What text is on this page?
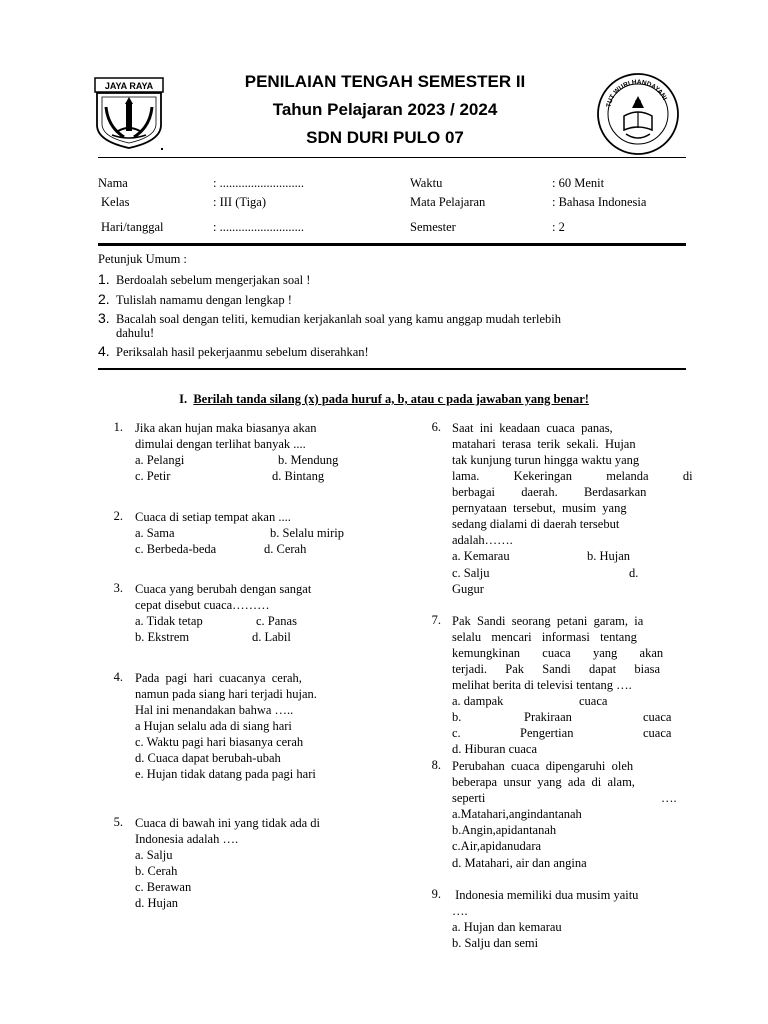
JAYA RAYA	PENILAIAN TENGAH SEMESTER II
Tahun Pelajaran 2023 / 2024
SDN DURI PULO 07
TUT WURI HANDAYANI
Nama	: ...........................
Kelas	: III (Tiga)
Hari/tanggal	: ...........................
Waktu	: 60 Menit
Mata Pelajaran	: Bahasa Indonesia
Semester	: 2
Petunjuk Umum :
1. Berdoalah sebelum mengerjakan soal !
2. Tulislah namamu dengan lengkap !
3. Bacalah soal dengan teliti, kemudian kerjakanlah soal yang kamu anggap mudah terlebih
dahulu!
4. Periksalah hasil pekerjaanmu sebelum diserahkan!
I. Berilah tanda silang (x) pada huruf a, b, atau c pada jawaban yang benar!
1. Jika akan hujan maka biasanya akan
dimulai dengan terlihat banyak ....
a. Pelangi	b. Mendung
c. Petir	d. Bintang
2. Cuaca di setiap tempat akan ....
a. Sama	b. Selalu mirip
c. Berbeda-beda	d. Cerah
3. Cuaca yang berubah dengan sangat
cepat disebut cuaca………
a. Tidak tetap	c. Panas
b. Ekstrem	d. Labil
4. Pada  pagi  hari  cuacanya  cerah,
namun pada siang hari terjadi hujan.
Hal ini menandakan bahwa …..
a Hujan selalu ada di siang hari
c. Waktu pagi hari biasanya cerah
d. Cuaca dapat berubah-ubah
e. Hujan tidak datang pada pagi hari
5. Cuaca di bawah ini yang tidak ada di
Indonesia adalah ….
a. Salju
b. Cerah
c. Berawan
d. Hujan
6. Saat  ini  keadaan  cuaca  panas,
matahari  terasa  terik  sekali.  Hujan
tak kunjung turun hingga waktu yang
lama.  Kekeringan  melanda  di
berbagai  daerah.  Berdasarkan
pernyataan  tersebut,  musim  yang
sedang dialami di daerah tersebut
adalah…….
a. Kemarau	b. Hujan
c. Salju	d.
Gugur
7. Pak  Sandi  seorang  petani  garam,  ia
selalu  mencari  informasi  tentang
kemungkinan  cuaca  yang  akan
terjadi.  Pak  Sandi  dapat  biasa
melihat berita di televisi tentang ….
a. dampak	cuaca
b.	Prakiraan	cuaca
c.	Pengertian	cuaca
d. Hiburan cuaca
8. Perubahan  cuaca  dipengaruhi  oleh
beberapa  unsur  yang  ada  di  alam,
seperti	….
a.Matahari,angindantanah
b.Angin,apidantanah
c.Air,apidanudara
d. Matahari, air dan angina
9. Indonesia memiliki dua musim yaitu
….
a. Hujan dan kemarau
b. Salju dan semi
